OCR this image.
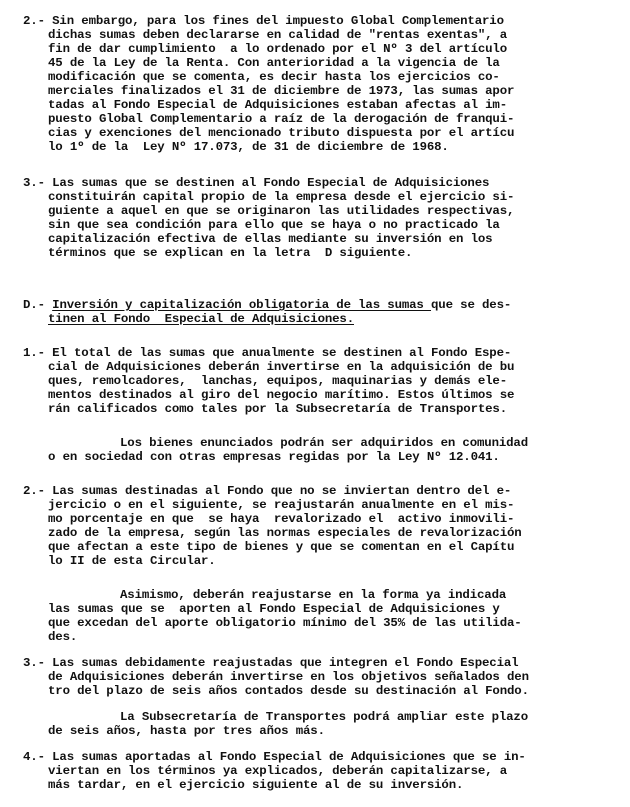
2.- Sin embargo, para los fines del impuesto Global Complementario
dichas sumas deben declararse en calidad de "rentas exentas", a
fin de dar cumplimiento  a lo ordenado por el Nº 3 del artículo
45 de la Ley de la Renta. Con anterioridad a la vigencia de la
modificación que se comenta, es decir hasta los ejercicios co-
merciales finalizados el 31 de diciembre de 1973, las sumas apor
tadas al Fondo Especial de Adquisiciones estaban afectas al im-
puesto Global Complementario a raíz de la derogación de franqui-
cias y exenciones del mencionado tributo dispuesta por el artícu
lo 1º de la  Ley Nº 17.073, de 31 de diciembre de 1968.
3.- Las sumas que se destinen al Fondo Especial de Adquisiciones
constituirán capital propio de la empresa desde el ejercicio si-
guiente a aquel en que se originaron las utilidades respectivas,
sin que sea condición para ello que se haya o no practicado la
capitalización efectiva de ellas mediante su inversión en los
términos que se explican en la letra  D siguiente.
D.- Inversión y capitalización obligatoria de las sumas que se des-
tinen al Fondo  Especial de Adquisiciones.
1.- El total de las sumas que anualmente se destinen al Fondo Espe-
cial de Adquisiciones deberán invertirse en la adquisición de bu
ques, remolcadores,  lanchas, equipos, maquinarias y demás ele-
mentos destinados al giro del negocio marítimo. Estos últimos se
rán calificados como tales por la Subsecretaría de Transportes.
Los bienes enunciados podrán ser adquiridos en comunidad
o en sociedad con otras empresas regidas por la Ley Nº 12.041.
2.- Las sumas destinadas al Fondo que no se inviertan dentro del e-
jercicio o en el siguiente, se reajustarán anualmente en el mis-
mo porcentaje en que  se haya  revalorizado el  activo inmovili-
zado de la empresa, según las normas especiales de revalorización
que afectan a este tipo de bienes y que se comentan en el Capítu
lo II de esta Circular.
Asimismo, deberán reajustarse en la forma ya indicada
las sumas que se  aporten al Fondo Especial de Adquisiciones y
que excedan del aporte obligatorio mínimo del 35% de las utilida-
des.
3.- Las sumas debidamente reajustadas que integren el Fondo Especial
de Adquisiciones deberán invertirse en los objetivos señalados den
tro del plazo de seis años contados desde su destinación al Fondo.
La Subsecretaría de Transportes podrá ampliar este plazo
de seis años, hasta por tres años más.
4.- Las sumas aportadas al Fondo Especial de Adquisiciones que se in-
viertan en los términos ya explicados, deberán capitalizarse, a
más tardar, en el ejercicio siguiente al de su inversión.
